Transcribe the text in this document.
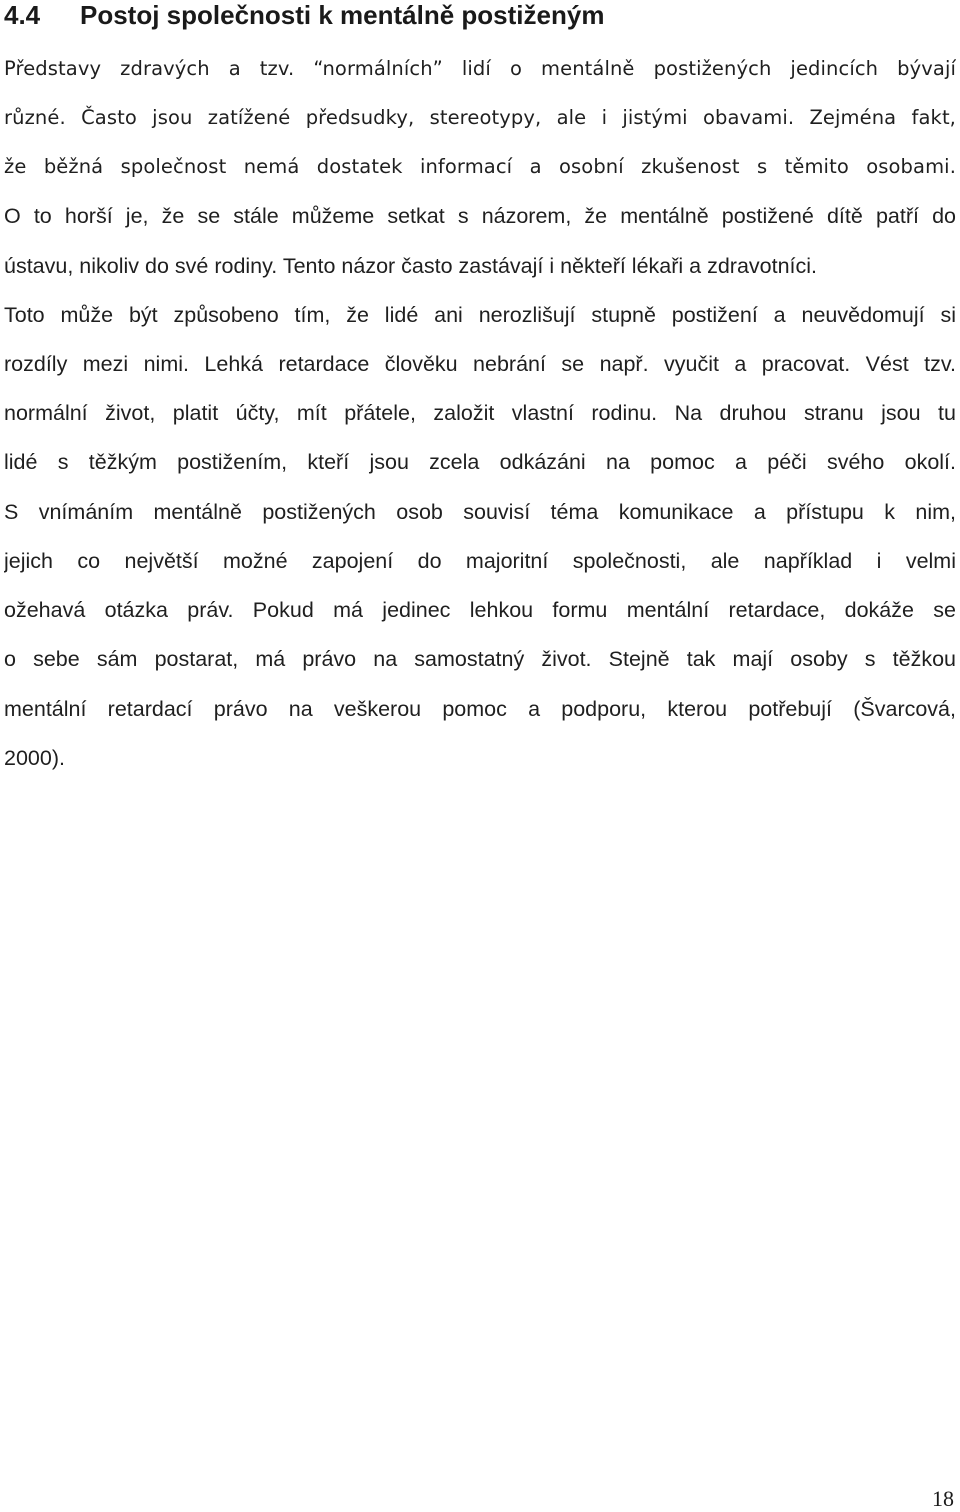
4.4 Postoj společnosti k mentálně postiženým
Představy zdravých a tzv. “normálních” lidí o mentálně postižených jedincích bývají
různé. Často jsou zatížené předsudky, stereotypy, ale i jistými obavami. Zejména fakt,
že běžná společnost nemá dostatek informací a osobní zkušenost s těmito osobami.
O to horší je, že se stále můžeme setkat s názorem, že mentálně postižené dítě patří do
ústavu, nikoliv do své rodiny. Tento názor často zastávají i někteří lékaři a zdravotníci.
Toto může být způsobeno tím, že lidé ani nerozlišují stupně postižení a neuvědomují si
rozdíly mezi nimi. Lehká retardace člověku nebrání se např. vyučit a pracovat. Vést tzv.
normální život, platit účty, mít přátele, založit vlastní rodinu. Na druhou stranu jsou tu
lidé s těžkým postižením, kteří jsou zcela odkázáni na pomoc a péči svého okolí.
S vnímáním mentálně postižených osob souvisí téma komunikace a přístupu k nim,
jejich co největší možné zapojení do majoritní společnosti, ale například i velmi
ožehavá otázka práv. Pokud má jedinec lehkou formu mentální retardace, dokáže se
o sebe sám postarat, má právo na samostatný život. Stejně tak mají osoby s těžkou
mentální retardací právo na veškerou pomoc a podporu, kterou potřebují (Švarcová,
2000).
18
